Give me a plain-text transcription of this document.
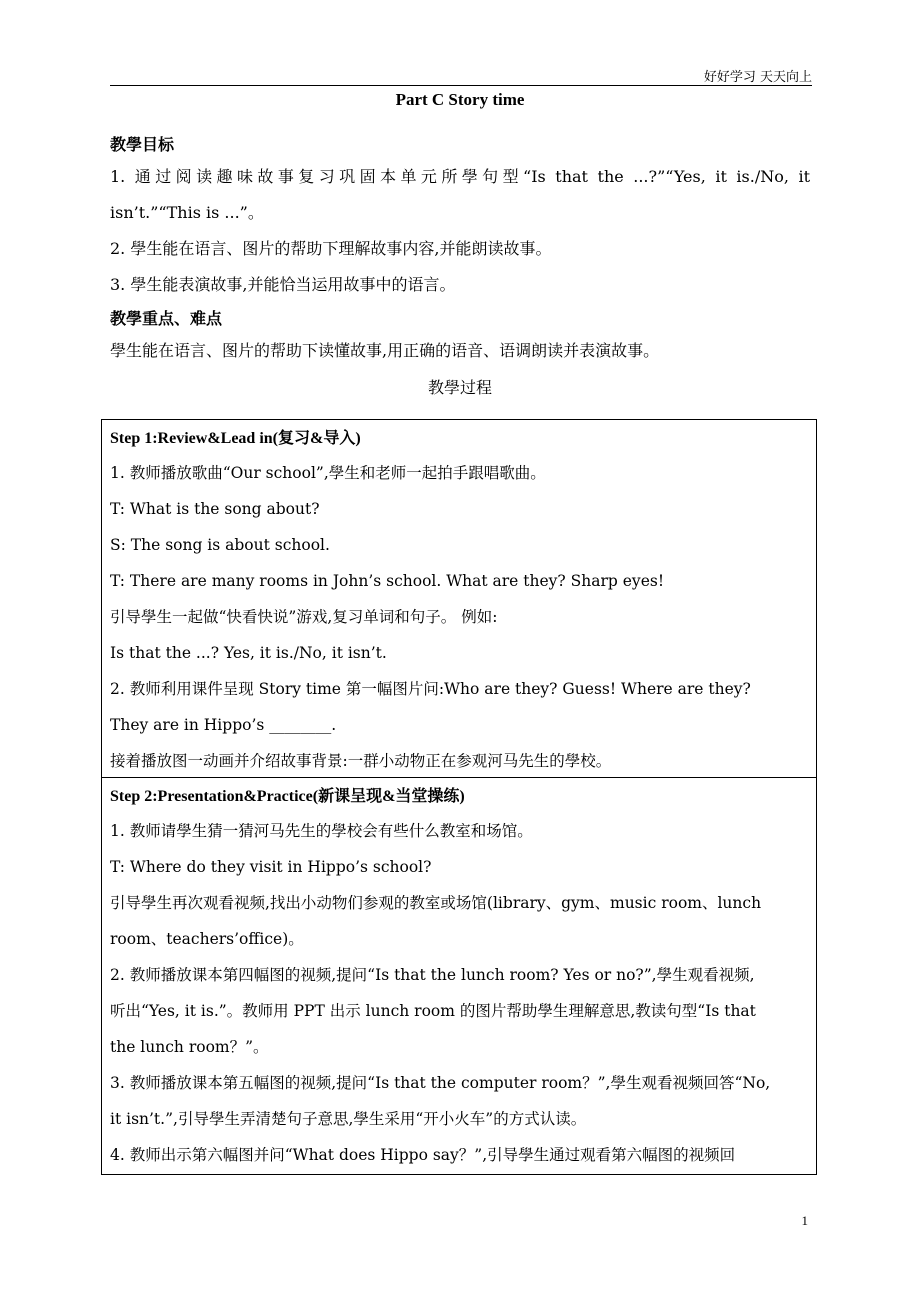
好好学习 天天向上
Part C Story time

教學目标

1. 通过阅读趣味故事复习巩固本单元所學句型“Is that the ...?”“Yes, it is./No, it

isn’t.”“This is ...”。

2. 學生能在语言、图片的帮助下理解故事内容,并能朗读故事。

3. 學生能表演故事,并能恰当运用故事中的语言。

教學重点、难点

學生能在语言、图片的帮助下读懂故事,用正确的语音、语调朗读并表演故事。

教學过程

Step 1:Review&Lead in(复习&导入)

1. 教师播放歌曲“Our school”,學生和老师一起拍手跟唱歌曲。

T: What is the song about?

S: The song is about school.

T: There are many rooms in John’s school. What are they? Sharp eyes!

引导學生一起做“快看快说”游戏,复习单词和句子。 例如:

Is that the ...? Yes, it is./No, it isn’t.

2. 教师利用课件呈现 Story time 第一幅图片问:Who are they? Guess! Where are they?

They are in Hippo’s ________.

接着播放图一动画并介绍故事背景:一群小动物正在参观河马先生的學校。

Step 2:Presentation&Practice(新课呈现&当堂操练)

1. 教师请學生猜一猜河马先生的學校会有些什么教室和场馆。

T: Where do they visit in Hippo’s school?

引导學生再次观看视频,找出小动物们参观的教室或场馆(library、gym、music room、lunch

room、teachers’office)。

2. 教师播放课本第四幅图的视频,提问“Is that the lunch room? Yes or no?”,學生观看视频,

听出“Yes, it is.”。教师用 PPT 出示 lunch room 的图片帮助學生理解意思,教读句型“Is that

the lunch room？”。

3. 教师播放课本第五幅图的视频,提问“Is that the computer room？”,學生观看视频回答“No,

it isn’t.”,引导學生弄清楚句子意思,學生采用“开小火车”的方式认读。

4. 教师出示第六幅图并问“What does Hippo say？”,引导學生通过观看第六幅图的视频回

1
